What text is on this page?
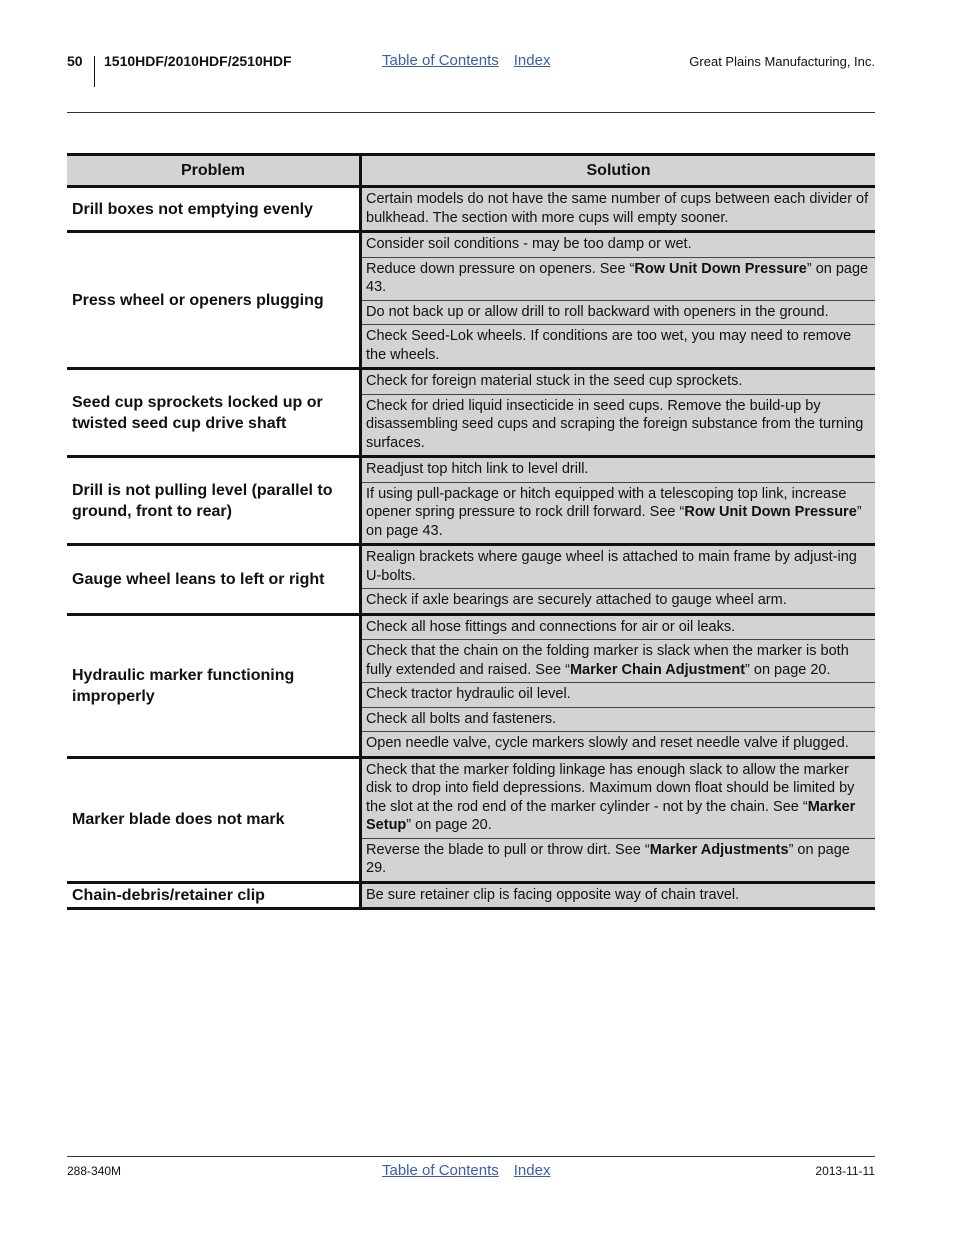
50 1510HDF/2010HDF/2510HDF	Table of Contents Index	Great Plains Manufacturing, Inc.
Problem	Solution
Drill boxes not emptying evenly	Certain models do not have the same number of cups between each divider of bulkhead. The section with more cups will empty sooner.
Press wheel or openers plugging	Consider soil conditions - may be too damp or wet.
	Reduce down pressure on openers. See “Row Unit Down Pressure” on page 43.
	Do not back up or allow drill to roll backward with openers in the ground.
	Check Seed-Lok wheels. If conditions are too wet, you may need to remove the wheels.
Seed cup sprockets locked up or twisted seed cup drive shaft	Check for foreign material stuck in the seed cup sprockets.
	Check for dried liquid insecticide in seed cups. Remove the build-up by disassembling seed cups and scraping the foreign substance from the turning surfaces.
Drill is not pulling level (parallel to ground, front to rear)	Readjust top hitch link to level drill.
	If using pull-package or hitch equipped with a telescoping top link, increase opener spring pressure to rock drill forward. See “Row Unit Down Pressure” on page 43.
Gauge wheel leans to left or right	Realign brackets where gauge wheel is attached to main frame by adjust-ing U-bolts.
	Check if axle bearings are securely attached to gauge wheel arm.
Hydraulic marker functioning improperly	Check all hose fittings and connections for air or oil leaks.
	Check that the chain on the folding marker is slack when the marker is both fully extended and raised. See “Marker Chain Adjustment” on page 20.
	Check tractor hydraulic oil level.
	Check all bolts and fasteners.
	Open needle valve, cycle markers slowly and reset needle valve if plugged.
Marker blade does not mark	Check that the marker folding linkage has enough slack to allow the marker disk to drop into field depressions. Maximum down float should be limited by the slot at the rod end of the marker cylinder - not by the chain. See “Marker Setup” on page 20.
	Reverse the blade to pull or throw dirt. See “Marker Adjustments” on page 29.
Chain-debris/retainer clip	Be sure retainer clip is facing opposite way of chain travel.
288-340M	Table of Contents Index	2013-11-11
